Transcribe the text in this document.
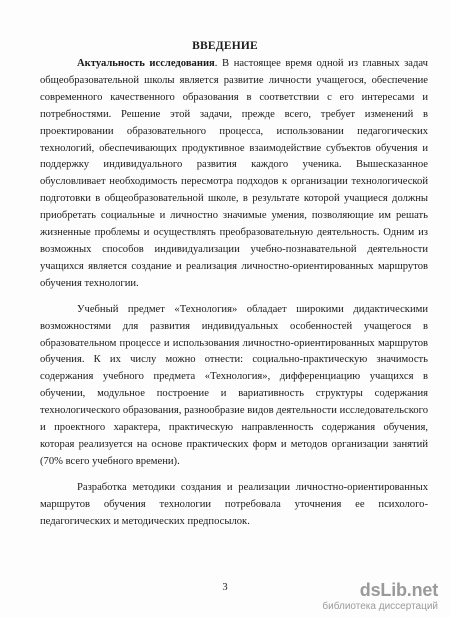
ВВЕДЕНИЕ

Актуальность исследования. В настоящее время одной из главных задач общеобразовательной школы является развитие личности учащегося, обеспечение современного качественного образования в соответствии с его интересами и потребностями. Решение этой задачи, прежде всего, требует изменений в проектировании образовательного процесса, использовании педагогических технологий, обеспечивающих продуктивное взаимодействие субъектов обучения и поддержку индивидуального развития каждого ученика. Вышесказанное обусловливает необходимость пересмотра подходов к организации технологической подготовки в общеобразовательной школе, в результате которой учащиеся должны приобретать социальные и личностно значимые умения, позволяющие им решать жизненные проблемы и осуществлять преобразовательную деятельность. Одним из возможных способов индивидуализации учебно-познавательной деятельности учащихся является создание и реализация личностно-ориентированных маршрутов обучения технологии.

Учебный предмет «Технология» обладает широкими дидактическими возможностями для развития индивидуальных особенностей учащегося в образовательном процессе и использования личностно-ориентированных маршрутов обучения. К их числу можно отнести: социально-практическую значимость содержания учебного предмета «Технология», дифференциацию учащихся в обучении, модульное построение и вариативность структуры содержания технологического образования, разнообразие видов деятельности исследовательского и проектного характера, практическую направленность содержания обучения, которая реализуется на основе практических форм и методов организации занятий (70% всего учебного времени).

Разработка методики создания и реализации личностно-ориентированных маршрутов обучения технологии потребовала уточнения ее психолого-педагогических и методических предпосылок.

3	dsLib.net
библиотека диссертаций
